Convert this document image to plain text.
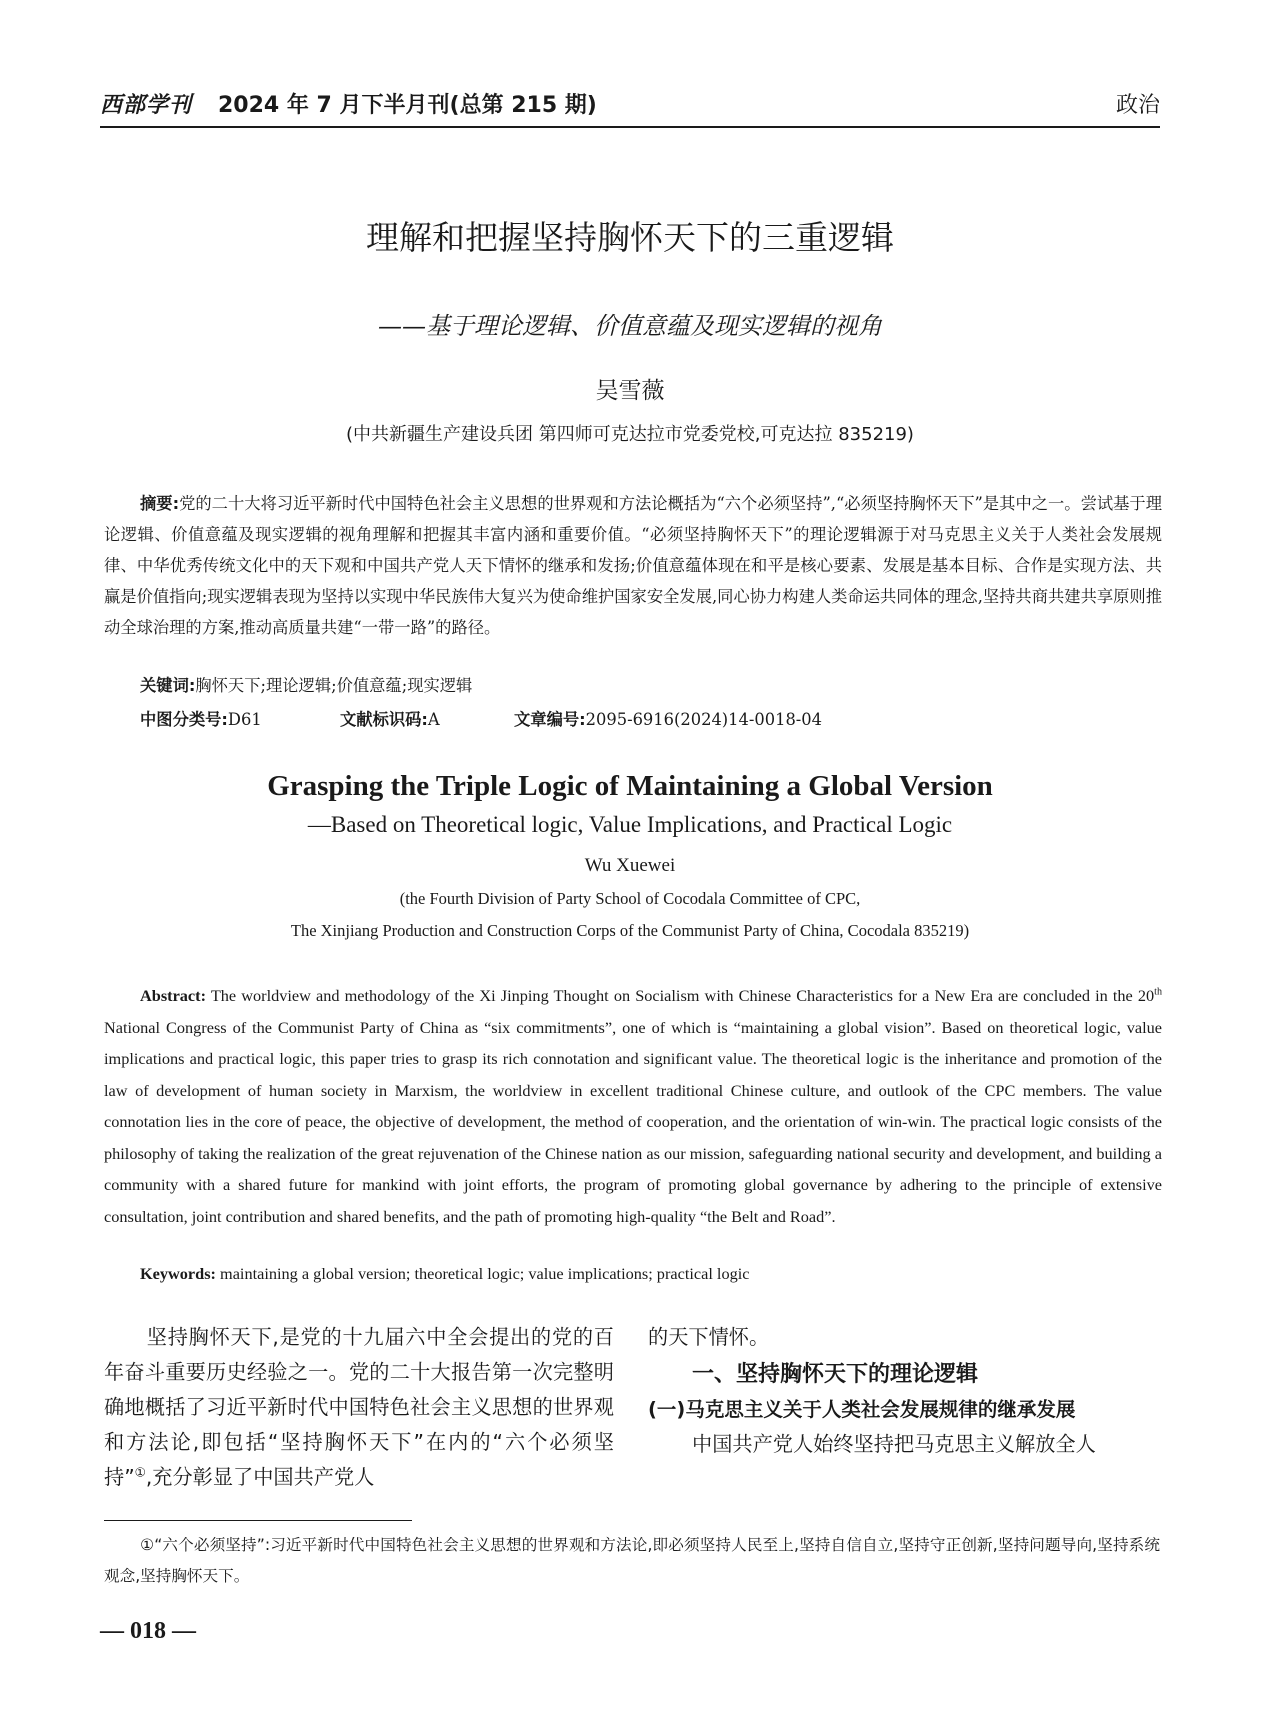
西部学刊 2024 年 7 月下半月刊(总第 215 期)	政治
理解和把握坚持胸怀天下的三重逻辑
——基于理论逻辑、价值意蕴及现实逻辑的视角
吴雪薇
(中共新疆生产建设兵团 第四师可克达拉市党委党校,可克达拉 835219)
摘要:党的二十大将习近平新时代中国特色社会主义思想的世界观和方法论概括为“六个必须坚持”,“必须坚持胸怀天下”是其中之一。尝试基于理论逻辑、价值意蕴及现实逻辑的视角理解和把握其丰富内涵和重要价值。“必须坚持胸怀天下”的理论逻辑源于对马克思主义关于人类社会发展规律、中华优秀传统文化中的天下观和中国共产党人天下情怀的继承和发扬;价值意蕴体现在和平是核心要素、发展是基本目标、合作是实现方法、共赢是价值指向;现实逻辑表现为坚持以实现中华民族伟大复兴为使命维护国家安全发展,同心协力构建人类命运共同体的理念,坚持共商共建共享原则推动全球治理的方案,推动高质量共建“一带一路”的路径。
关键词:胸怀天下;理论逻辑;价值意蕴;现实逻辑
中图分类号:D61	文献标识码:A	文章编号:2095-6916(2024)14-0018-04
Grasping the Triple Logic of Maintaining a Global Version
—Based on Theoretical logic, Value Implications, and Practical Logic
Wu Xuewei
(the Fourth Division of Party School of Cocodala Committee of CPC,
The Xinjiang Production and Construction Corps of the Communist Party of China, Cocodala 835219)
Abstract: The worldview and methodology of the Xi Jinping Thought on Socialism with Chinese Characteristics for a New Era are concluded in the 20th National Congress of the Communist Party of China as “six commitments”, one of which is “maintaining a global vision”. Based on theoretical logic, value implications and practical logic, this paper tries to grasp its rich connotation and significant value. The theoretical logic is the inheritance and promotion of the law of development of human society in Marxism, the worldview in excellent traditional Chinese culture, and outlook of the CPC members. The value connotation lies in the core of peace, the objective of development, the method of cooperation, and the orientation of win-win. The practical logic consists of the philosophy of taking the realization of the great rejuvenation of the Chinese nation as our mission, safeguarding national security and development, and building a community with a shared future for mankind with joint efforts, the program of promoting global governance by adhering to the principle of extensive consultation, joint contribution and shared benefits, and the path of promoting high-quality “the Belt and Road”.
Keywords: maintaining a global version; theoretical logic; value implications; practical logic
坚持胸怀天下,是党的十九届六中全会提出的党的百年奋斗重要历史经验之一。党的二十大报告第一次完整明确地概括了习近平新时代中国特色社会主义思想的世界观和方法论,即包括“坚持胸怀天下”在内的“六个必须坚持”①,充分彰显了中国共产党人

的天下情怀。

一、坚持胸怀天下的理论逻辑

(一)马克思主义关于人类社会发展规律的继承发展

中国共产党人始终坚持把马克思主义解放全人

①“六个必须坚持”:习近平新时代中国特色社会主义思想的世界观和方法论,即必须坚持人民至上,坚持自信自立,坚持守正创新,坚持问题导向,坚持系统观念,坚持胸怀天下。
— 018 —
